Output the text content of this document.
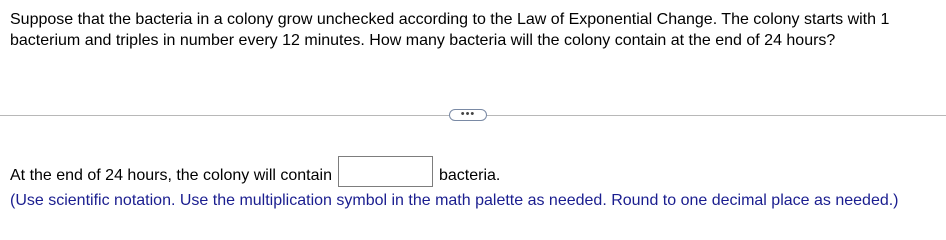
Suppose that the bacteria in a colony grow unchecked according to the Law of Exponential Change. The colony starts with 1 bacterium and triples in number every 12 minutes. How many bacteria will the colony contain at the end of 24 hours?

•••
At the end of 24 hours, the colony will contain	bacteria.

(Use scientific notation. Use the multiplication symbol in the math palette as needed. Round to one decimal place as needed.)
